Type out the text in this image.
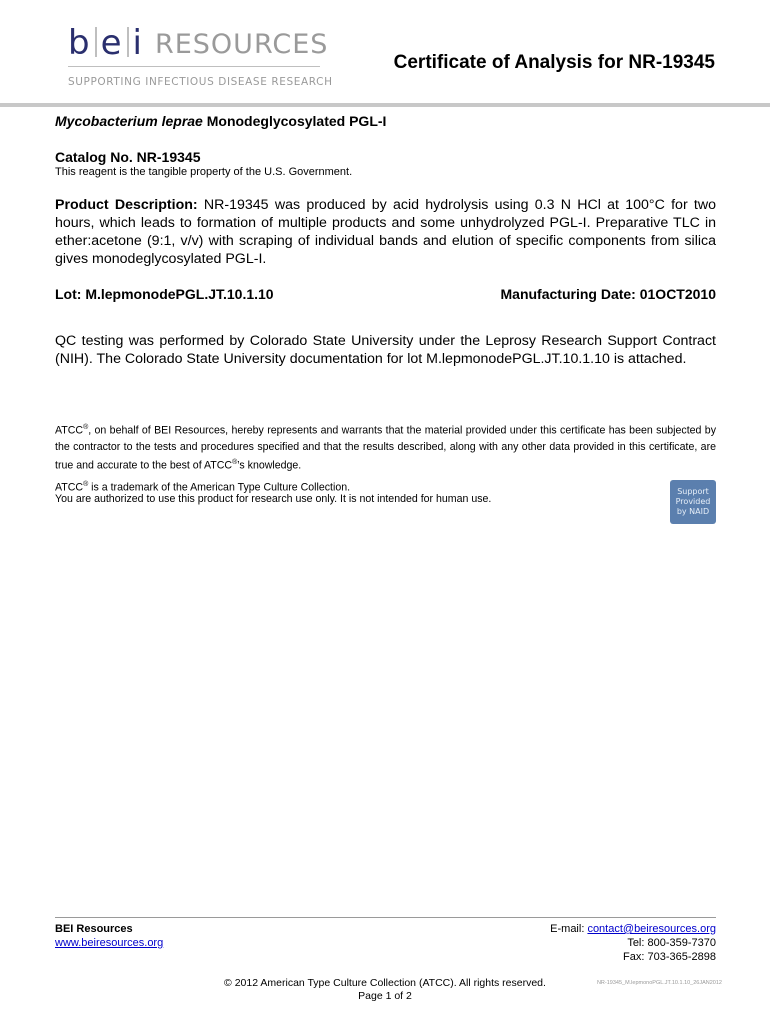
b e i RESOURCES
SUPPORTING INFECTIOUS DISEASE RESEARCH
Certificate of Analysis for NR-19345
Mycobacterium leprae Monodeglycosylated PGL-I
Catalog No. NR-19345
This reagent is the tangible property of the U.S. Government.
Product Description: NR-19345 was produced by acid hydrolysis using 0.3 N HCl at 100°C for two hours, which leads to formation of multiple products and some unhydrolyzed PGL-I. Preparative TLC in ether:acetone (9:1, v/v) with scraping of individual bands and elution of specific components from silica gives monodeglycosylated PGL-I.
Lot: M.lepmonodePGL.JT.10.1.10	Manufacturing Date: 01OCT2010
QC testing was performed by Colorado State University under the Leprosy Research Support Contract (NIH). The Colorado State University documentation for lot M.lepmonodePGL.JT.10.1.10 is attached.
ATCC®, on behalf of BEI Resources, hereby represents and warrants that the material provided under this certificate has been subjected by the contractor to the tests and procedures specified and that the results described, along with any other data provided in this certificate, are true and accurate to the best of ATCC®’s knowledge.
ATCC® is a trademark of the American Type Culture Collection.
You are authorized to use this product for research use only. It is not intended for human use.
Support
Provided
by NAID
BEI Resources
www.beiresources.org
E-mail: contact@beiresources.org
Tel: 800-359-7370
Fax: 703-365-2898
© 2012 American Type Culture Collection (ATCC). All rights reserved.
Page 1 of 2
NR-19345_M.lepmonoPGL.JT.10.1.10_26JAN2012
